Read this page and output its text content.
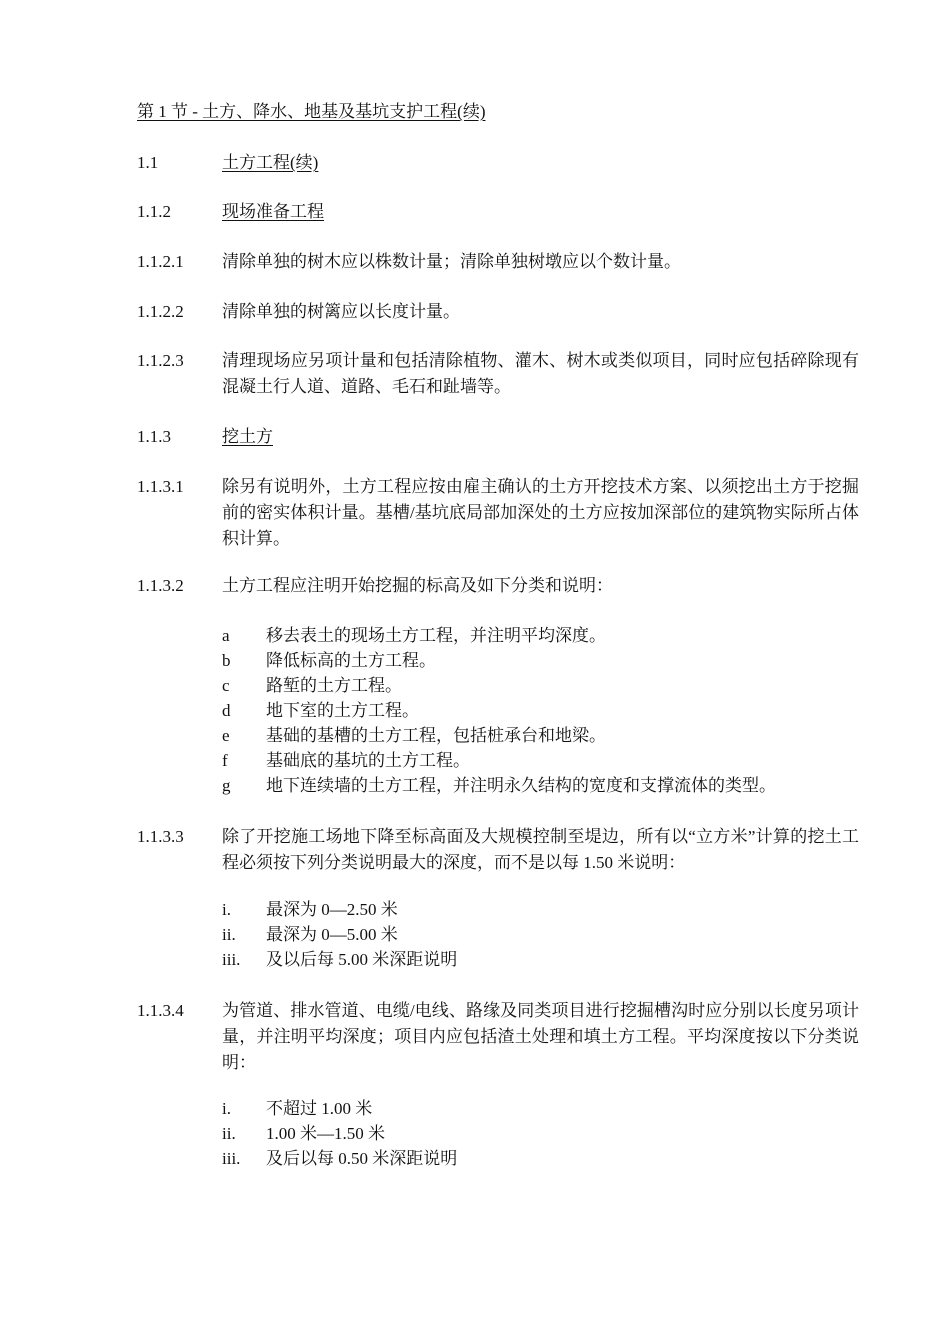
第 1 节 - 土方、降水、地基及基坑支护工程(续)
1.1	土方工程(续)
1.1.2	现场准备工程
1.1.2.1 清除单独的树木应以株数计量；清除单独树墩应以个数计量。
1.1.2.2 清除单独的树篱应以长度计量。
1.1.2.3 清理现场应另项计量和包括清除植物、灌木、树木或类似项目，同时应包括碎除现有混凝土行人道、道路、毛石和趾墙等。
1.1.3	挖土方
1.1.3.1 除另有说明外，土方工程应按由雇主确认的土方开挖技术方案、以须挖出土方于挖掘前的密实体积计量。基槽/基坑底局部加深处的土方应按加深部位的建筑物实际所占体积计算。
1.1.3.2 土方工程应注明开始挖掘的标高及如下分类和说明：
a 移去表土的现场土方工程，并注明平均深度。
b 降低标高的土方工程。
c 路堑的土方工程。
d 地下室的土方工程。
e 基础的基槽的土方工程，包括桩承台和地梁。
f 基础底的基坑的土方工程。
g 地下连续墙的土方工程，并注明永久结构的宽度和支撑流体的类型。
1.1.3.3 除了开挖施工场地下降至标高面及大规模控制至堤边，所有以“立方米”计算的挖土工程必须按下列分类说明最大的深度，而不是以每 1.50 米说明：
i. 最深为 0—2.50 米
ii. 最深为 0—5.00 米
iii. 及以后每 5.00 米深距说明
1.1.3.4 为管道、排水管道、电缆/电线、路缘及同类项目进行挖掘槽沟时应分别以长度另项计量，并注明平均深度；项目内应包括渣土处理和填土方工程。平均深度按以下分类说明：
i. 不超过 1.00 米
ii. 1.00 米—1.50 米
iii. 及后以每 0.50 米深距说明
